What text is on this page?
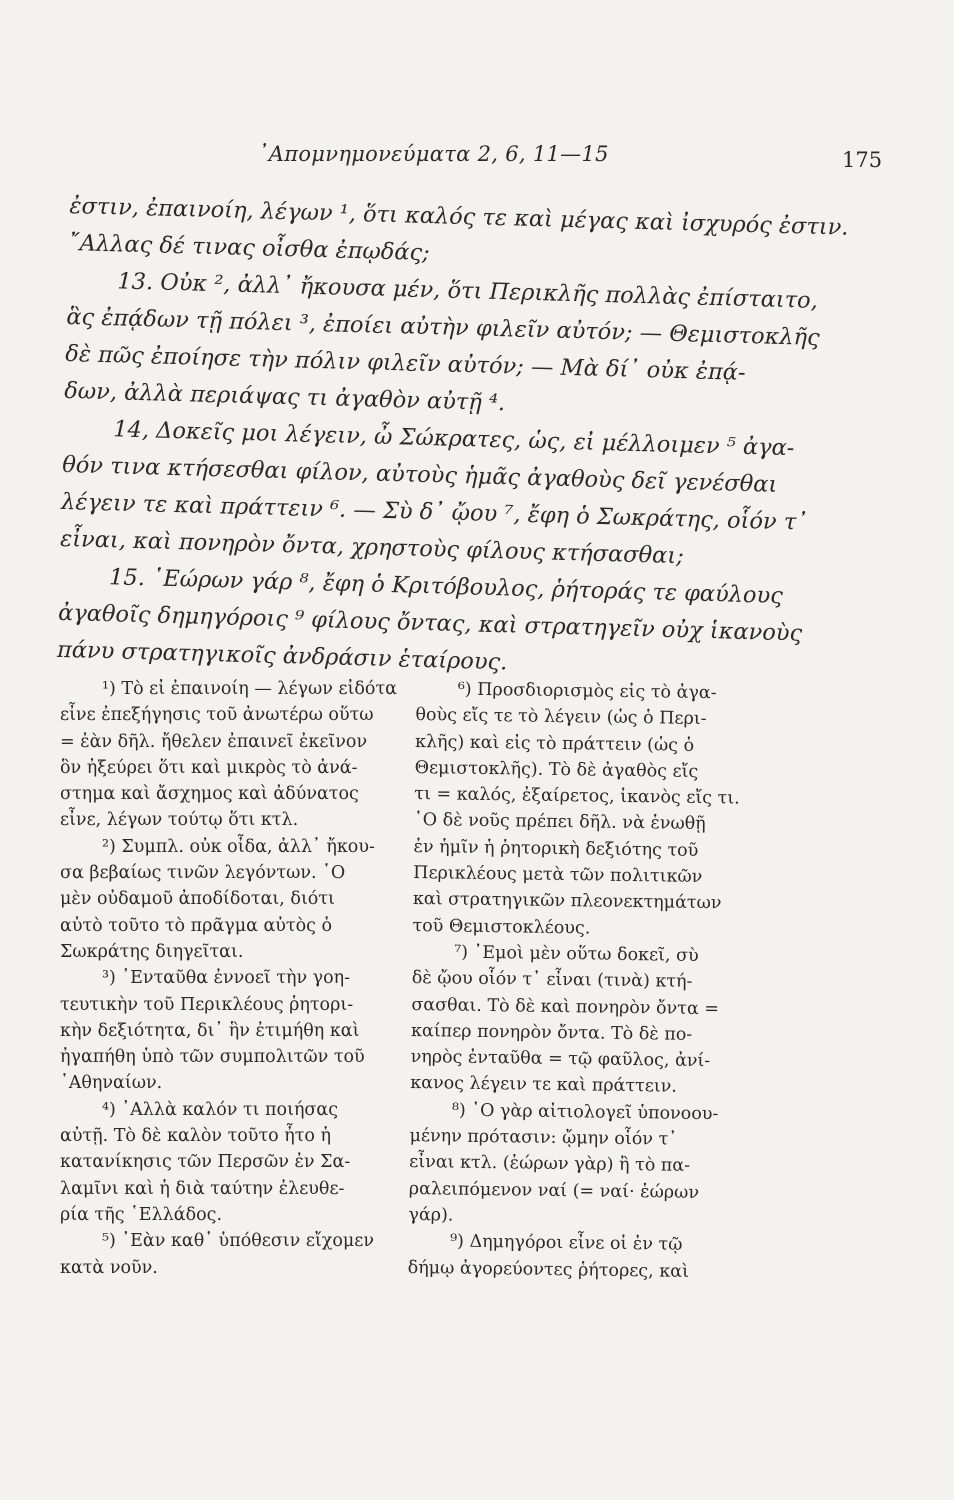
᾿Απομνημονεύματα 2, 6, 11—15	175
ἐστιν, ἐπαινοίη, λέγων ¹, ὅτι καλός τε καὶ μέγας καὶ ἰσχυρός ἐστιν.
῎Αλλας δέ τινας οἶσθα ἐπῳδάς;
13. Οὐκ ², ἀλλ᾽ ἤκουσα μέν, ὅτι Περικλῆς πολλὰς ἐπίσταιτο,
ἃς ἐπᾴδων τῇ πόλει ³, ἐποίει αὐτὴν φιλεῖν αὐτόν; — Θεμιστοκλῆς
δὲ πῶς ἐποίησε τὴν πόλιν φιλεῖν αὐτόν; — Μὰ δί᾽ οὐκ ἐπᾴ-
δων, ἀλλὰ περιάψας τι ἀγαθὸν αὐτῇ ⁴.
14, Δοκεῖς μοι λέγειν, ὦ Σώκρατες, ὡς, εἰ μέλλοιμεν ⁵ ἀγα-
θόν τινα κτήσεσθαι φίλον, αὐτοὺς ἡμᾶς ἀγαθοὺς δεῖ γενέσθαι
λέγειν τε καὶ πράττειν ⁶. — Σὺ δ᾽ ᾤου ⁷, ἔφη ὁ Σωκράτης, οἷόν τ᾽
εἶναι, καὶ πονηρὸν ὄντα, χρηστοὺς φίλους κτήσασθαι;
15. ῾Εώρων γάρ ⁸, ἔφη ὁ Κριτόβουλος, ῥήτοράς τε φαύλους
ἀγαθοῖς δημηγόροις ⁹ φίλους ὄντας, καὶ στρατηγεῖν οὐχ ἱκανοὺς
πάνυ στρατηγικοῖς ἀνδράσιν ἑταίρους.
¹) Τὸ εἰ ἐπαινοίη — λέγων εἰδότα
εἶνε ἐπεξήγησις τοῦ ἀνωτέρω οὕτω
= ἐὰν δῆλ. ἤθελεν ἐπαινεῖ ἐκεῖνον
ὃν ἠξεύρει ὅτι καὶ μικρὸς τὸ ἀνά-
στημα καὶ ἄσχημος καὶ ἀδύνατος
εἶνε, λέγων τούτῳ ὅτι κτλ.
²) Συμπλ. οὐκ οἶδα, ἀλλ᾽ ἤκου-
σα βεβαίως τινῶν λεγόντων. ῾Ο
μὲν οὐδαμοῦ ἀποδίδοται, διότι
αὐτὸ τοῦτο τὸ πρᾶγμα αὐτὸς ὁ
Σωκράτης διηγεῖται.
³) ᾿Ενταῦθα ἐννοεῖ τὴν γοη-
τευτικὴν τοῦ Περικλέους ῥητορι-
κὴν δεξιότητα, δι᾽ ἣν ἐτιμήθη καὶ
ἠγαπήθη ὑπὸ τῶν συμπολιτῶν τοῦ
᾿Αθηναίων.
⁴) ᾿Αλλὰ καλόν τι ποιήσας
αὐτῇ. Τὸ δὲ καλὸν τοῦτο ἦτο ἡ
κατανίκησις τῶν Περσῶν ἐν Σα-
λαμῖνι καὶ ἡ διὰ ταύτην ἐλευθε-
ρία τῆς ῾Ελλάδος.
⁵) ᾿Εὰν καθ᾽ ὑπόθεσιν εἴχομεν
κατὰ νοῦν.
⁶) Προσδιορισμὸς εἰς τὸ ἀγα-
θοὺς εἴς τε τὸ λέγειν (ὡς ὁ Περι-
κλῆς) καὶ εἰς τὸ πράττειν (ὡς ὁ
Θεμιστοκλῆς). Τὸ δὲ ἀγαθὸς εἴς
τι = καλός, ἐξαίρετος, ἱκανὸς εἴς τι.
῾Ο δὲ νοῦς πρέπει δῆλ. νὰ ἑνωθῇ
ἐν ἡμῖν ἡ ῥητορικὴ δεξιότης τοῦ
Περικλέους μετὰ τῶν πολιτικῶν
καὶ στρατηγικῶν πλεονεκτημάτων
τοῦ Θεμιστοκλέους.
⁷) ᾿Εμοὶ μὲν οὕτω δοκεῖ, σὺ
δὲ ᾤου οἷόν τ᾽ εἶναι (τινὰ) κτή-
σασθαι. Τὸ δὲ καὶ πονηρὸν ὄντα =
καίπερ πονηρὸν ὄντα. Τὸ δὲ πο-
νηρὸς ἐνταῦθα = τῷ φαῦλος, ἀνί-
κανος λέγειν τε καὶ πράττειν.
⁸) ῾Ο γὰρ αἰτιολογεῖ ὑπονοου-
μένην πρότασιν: ᾤμην οἷόν τ᾽
εἶναι κτλ. (ἑώρων γὰρ) ἢ τὸ πα-
ραλειπόμενον ναί (= ναί· ἑώρων
γάρ).
⁹) Δημηγόροι εἶνε οἱ ἐν τῷ
δήμῳ ἀγορεύοντες ῥήτορες, καὶ
